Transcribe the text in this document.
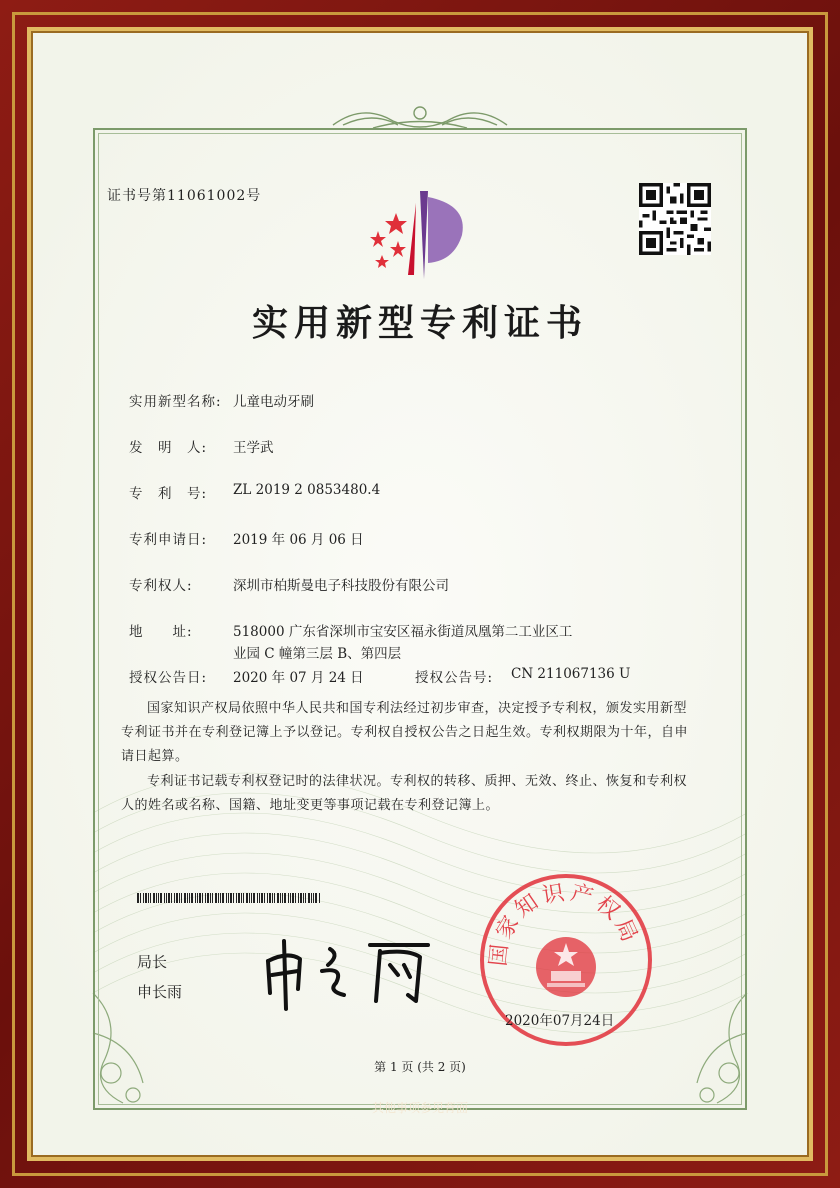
证书号第11061002号
实用新型专利证书
实用新型名称: 儿童电动牙刷
发　明　人: 王学武
专　利　号: ZL 2019 2 0853480.4
专利申请日: 2019 年 06 月 06 日
专利权人:	深圳市柏斯曼电子科技股份有限公司
地　　址:	518000 广东省深圳市宝安区福永街道凤凰第二工业区工
业园 C 幢第三层 B、第四层
授权公告日: 2020 年 07 月 24 日	授权公告号: CN 211067136 U
国家知识产权局依照中华人民共和国专利法经过初步审查，决定授予专利权，颁发实用新型专利证书并在专利登记簿上予以登记。专利权自授权公告之日起生效。专利权期限为十年，自申请日起算。
专利证书记载专利权登记时的法律状况。专利权的转移、质押、无效、终止、恢复和专利权人的姓名或名称、国籍、地址变更等事项记载在专利登记簿上。
局长
申长雨
国家知识产权局
2020年07月24日
第 1 页 (共 2 页)
其他事项参见背面
